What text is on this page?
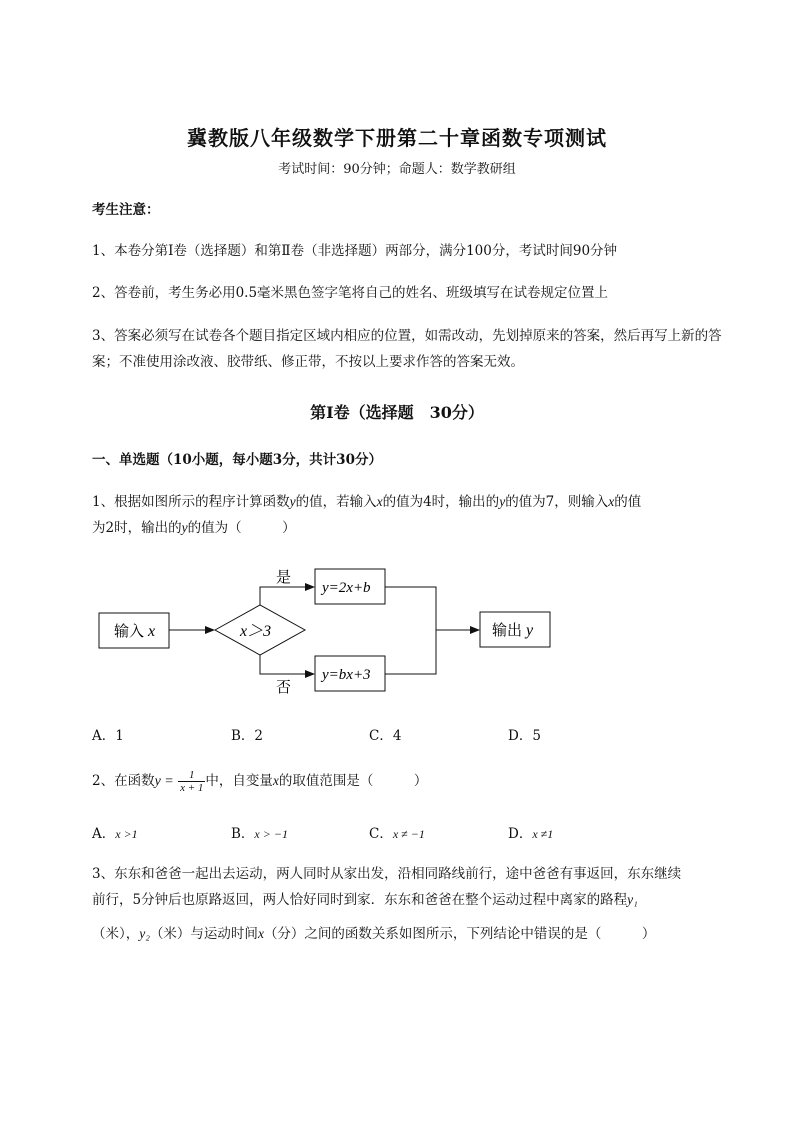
冀教版八年级数学下册第二十章函数专项测试
考试时间：90分钟；命题人：数学教研组
考生注意：
1、本卷分第I卷（选择题）和第Ⅱ卷（非选择题）两部分，满分100分，考试时间90分钟
2、答卷前，考生务必用0.5毫米黑色签字笔将自己的姓名、班级填写在试卷规定位置上
3、答案必须写在试卷各个题目指定区域内相应的位置，如需改动，先划掉原来的答案，然后再写上新的答案；不准使用涂改液、胶带纸、修正带，不按以上要求作答的答案无效。
第I卷（选择题　30分）
一、单选题（10小题，每小题3分，共计30分）
1、根据如图所示的程序计算函数y的值，若输入x的值为4时，输出的y的值为7，则输入x的值
为2时，输出的y的值为（　　　）
输入 x	x＞3
是
否
y=2x+b
y=bx+3
输出 y
A．1	B．2	C．4	D．5
2、在函数$y = \frac{1}{x + 1}$ 中，自变量x的取值范围是（　　　）
A．x >1	B．x > −1	C．x ≠ −1	D．x ≠1
3、东东和爸爸一起出去运动，两人同时从家出发，沿相同路线前行，途中爸爸有事返回，东东继续
前行，5分钟后也原路返回，两人恰好同时到家．东东和爸爸在整个运动过程中离家的路程y₁
（米），y₂（米）与运动时间x（分）之间的函数关系如图所示，下列结论中错误的是（　　　）
